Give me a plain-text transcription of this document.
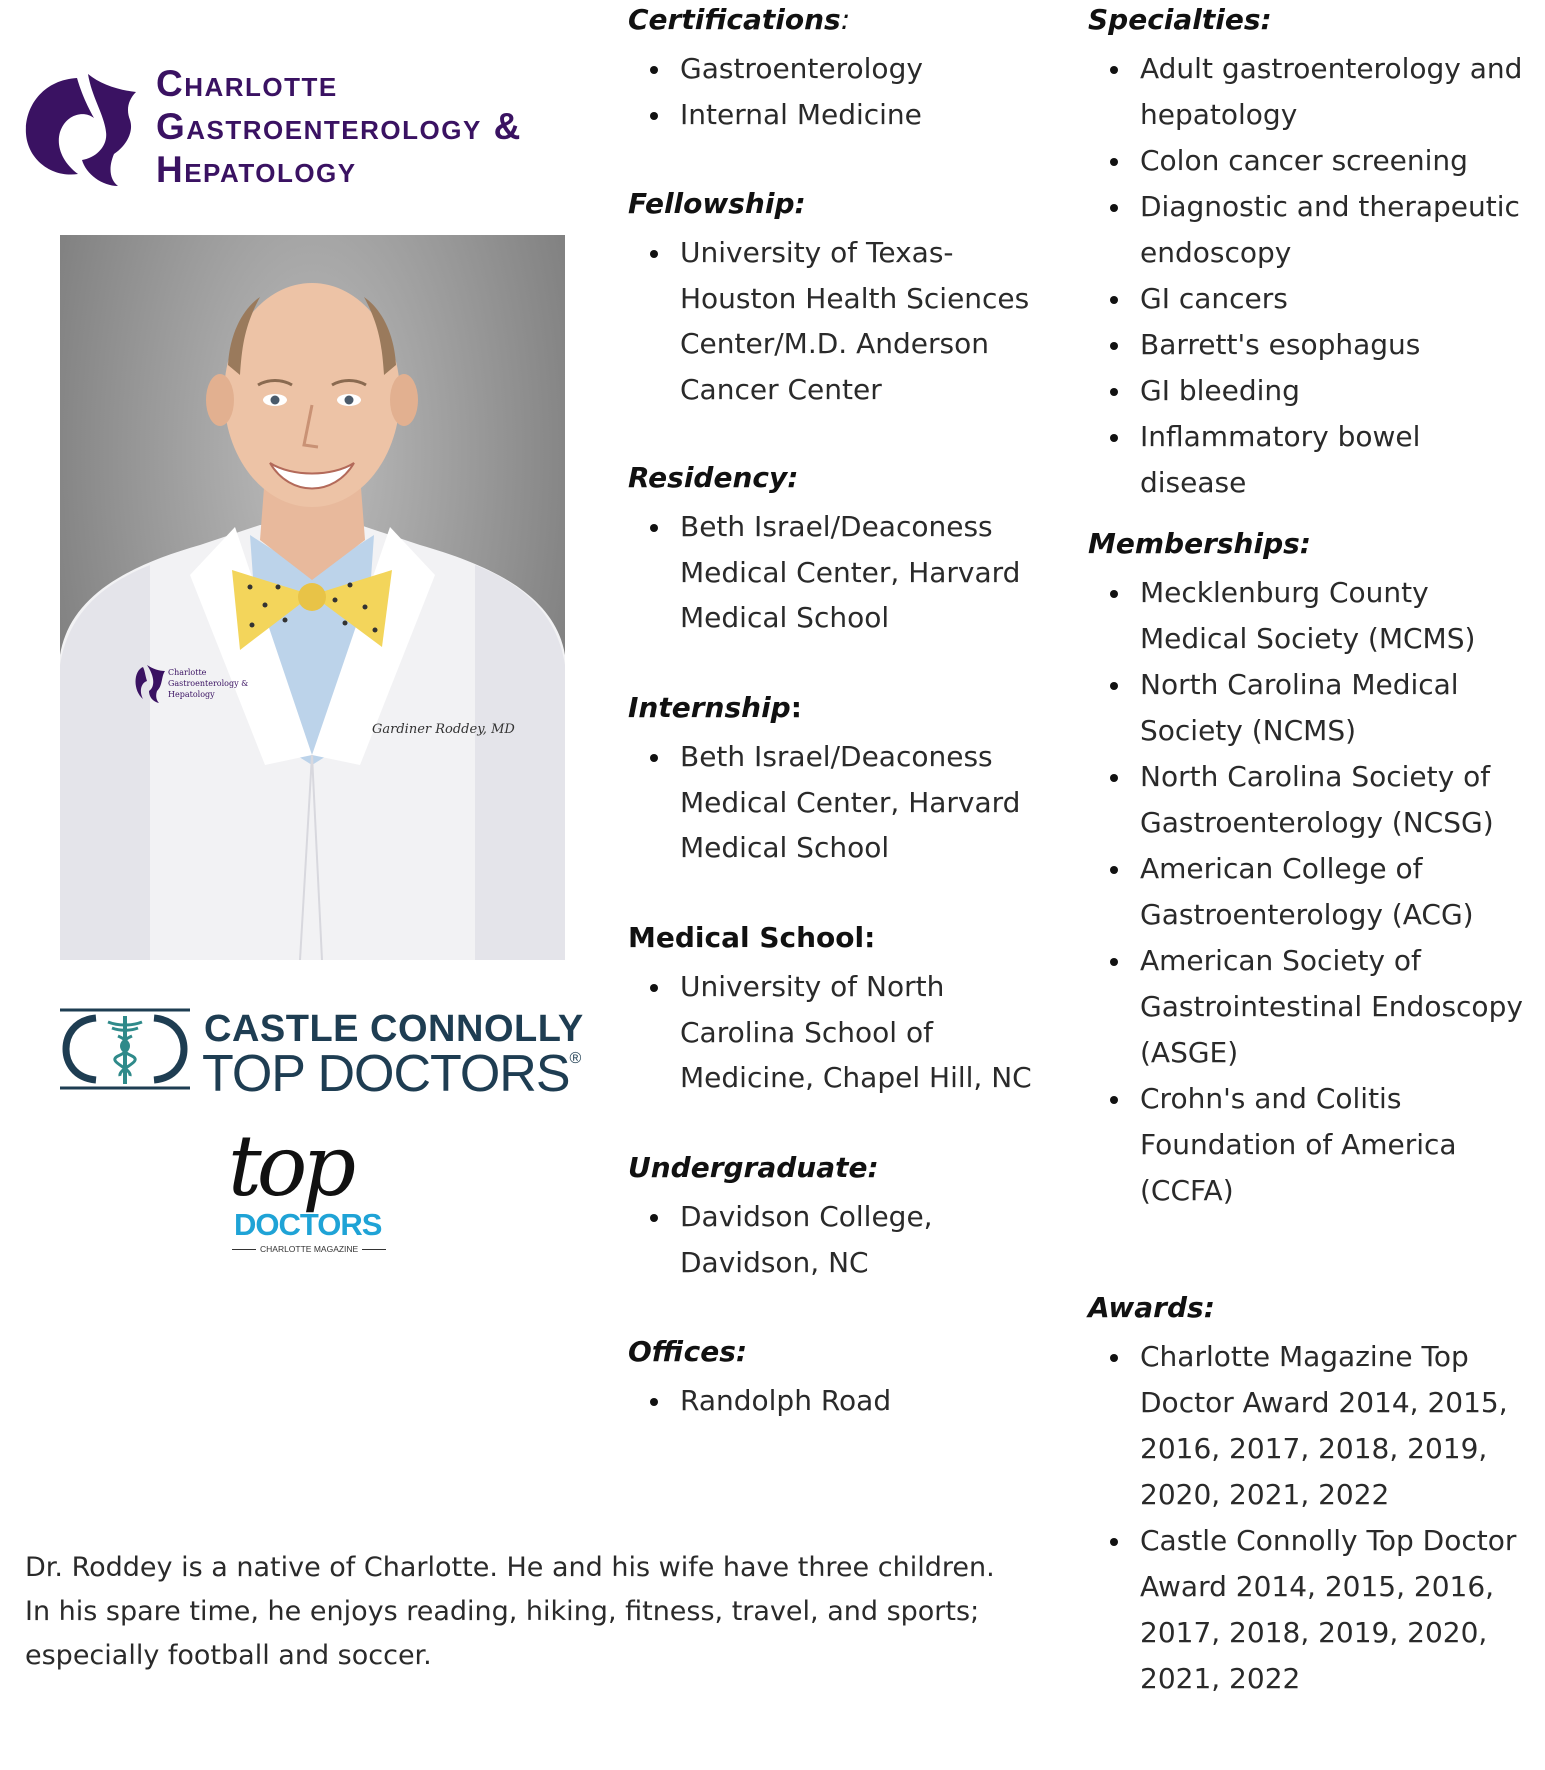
Charlotte
Gastroenterology &
Hepatology
Charlotte
Gastroenterology &
Hepatology
Gardiner Roddey, MD
CASTLE CONNOLLY
TOP DOCTORS®
top
DOCTORS
CHARLOTTE MAGAZINE
Dr. Roddey is a native of Charlotte. He and his wife have three children.
In his spare time, he enjoys reading, hiking, fitness, travel, and sports;
especially football and soccer.
Certifications:
Gastroenterology
Internal Medicine
Fellowship:
University of Texas-Houston Health Sciences Center/M.D. Anderson Cancer Center
Residency:
Beth Israel/Deaconess Medical Center, Harvard Medical School
Internship:
Beth Israel/Deaconess Medical Center, Harvard Medical School
Medical School:
University of North Carolina School of Medicine, Chapel Hill, NC
Undergraduate:
Davidson College, Davidson, NC
Offices:
Randolph Road
Specialties:
Adult gastroenterology and hepatology
Colon cancer screening
Diagnostic and therapeutic endoscopy
GI cancers
Barrett's esophagus
GI bleeding
Inflammatory bowel disease
Memberships:
Mecklenburg County Medical Society (MCMS)
North Carolina Medical Society (NCMS)
North Carolina Society of Gastroenterology (NCSG)
American College of Gastroenterology (ACG)
American Society of Gastrointestinal Endoscopy (ASGE)
Crohn's and Colitis Foundation of America (CCFA)
Awards:
Charlotte Magazine Top Doctor Award 2014, 2015, 2016, 2017, 2018, 2019, 2020, 2021, 2022
Castle Connolly Top Doctor Award 2014, 2015, 2016, 2017, 2018, 2019, 2020, 2021, 2022
